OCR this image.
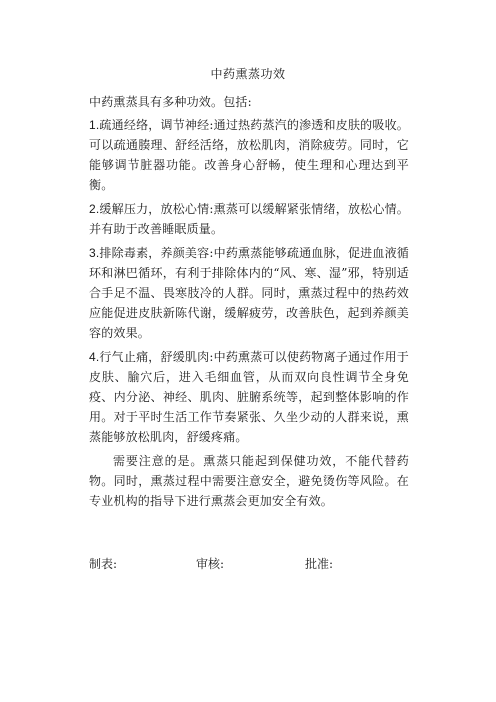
中药熏蒸功效

中药熏蒸具有多种功效。包括:

1.疏通经络，调节神经:通过热药蒸汽的渗透和皮肤的吸收。可以疏通腠理、舒经活络，放松肌肉，消除疲劳。同时，它能够调节脏器功能。改善身心舒畅，使生理和心理达到平衡。

2.缓解压力，放松心情:熏蒸可以缓解紧张情绪，放松心情。并有助于改善睡眠质量。

3.排除毒素，养颜美容:中药熏蒸能够疏通血脉，促进血液循环和淋巴循环，有利于排除体内的“风、寒、湿”邪，特别适合手足不温、畏寒肢冷的人群。同时，熏蒸过程中的热药效应能促进皮肤新陈代谢，缓解疲劳，改善肤色，起到养颜美容的效果。

4.行气止痛，舒缓肌肉:中药熏蒸可以使药物离子通过作用于皮肤、腧穴后，进入毛细血管，从而双向良性调节全身免疫、内分泌、神经、肌肉、脏腑系统等，起到整体影响的作用。对于平时生活工作节奏紧张、久坐少动的人群来说，熏蒸能够放松肌肉，舒缓疼痛。

需要注意的是。熏蒸只能起到保健功效，不能代替药物。同时，熏蒸过程中需要注意安全，避免烫伤等风险。在专业机构的指导下进行熏蒸会更加安全有效。

制表:	审核:	批准:
